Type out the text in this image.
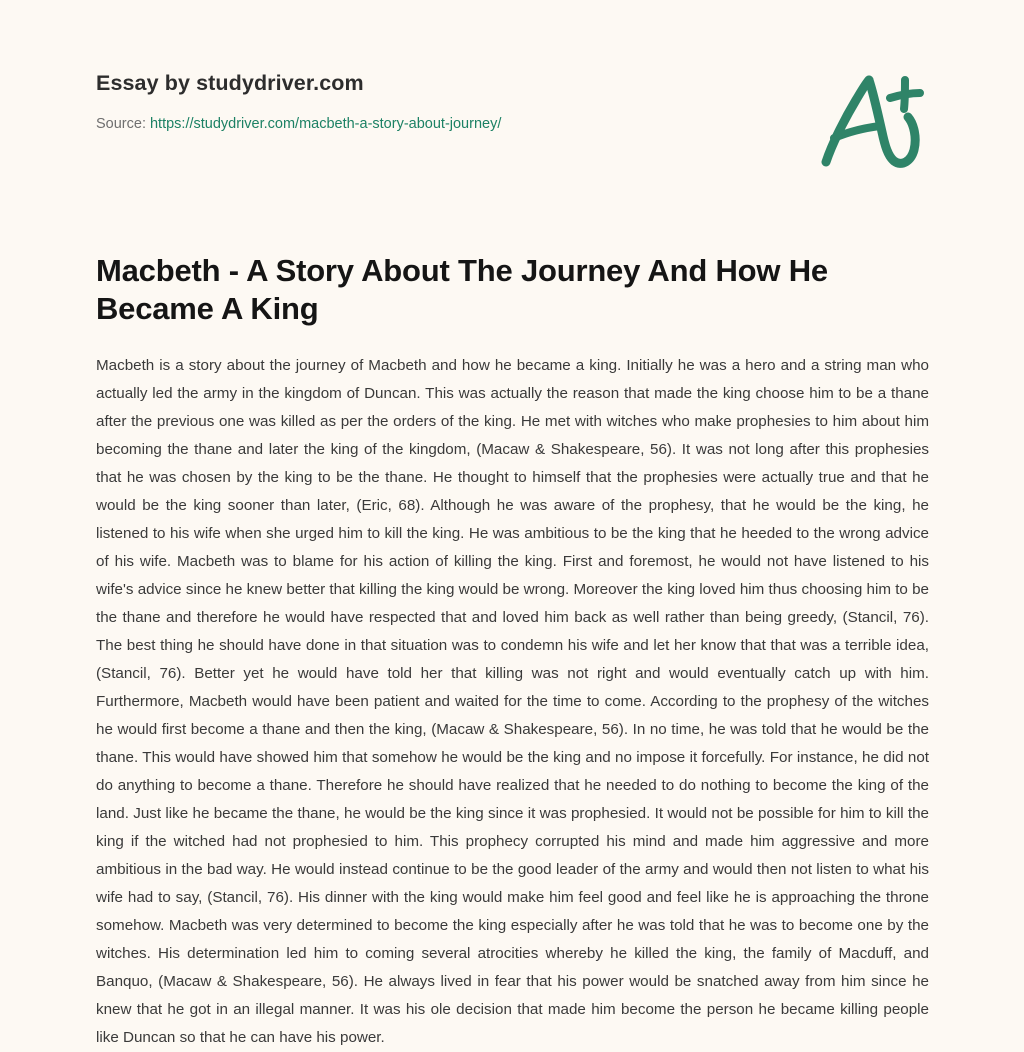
Essay by studydriver.com
Source: https://studydriver.com/macbeth-a-story-about-journey/
Macbeth - A Story About The Journey And How He Became A King

Macbeth is a story about the journey of Macbeth and how he became a king. Initially he was a hero and a string man who actually led the army in the kingdom of Duncan. This was actually the reason that made the king choose him to be a thane after the previous one was killed as per the orders of the king. He met with witches who make prophesies to him about him becoming the thane and later the king of the kingdom, (Macaw & Shakespeare, 56). It was not long after this prophesies that he was chosen by the king to be the thane. He thought to himself that the prophesies were actually true and that he would be the king sooner than later, (Eric, 68). Although he was aware of the prophesy, that he would be the king, he listened to his wife when she urged him to kill the king. He was ambitious to be the king that he heeded to the wrong advice of his wife. Macbeth was to blame for his action of killing the king. First and foremost, he would not have listened to his wife's advice since he knew better that killing the king would be wrong. Moreover the king loved him thus choosing him to be the thane and therefore he would have respected that and loved him back as well rather than being greedy, (Stancil, 76). The best thing he should have done in that situation was to condemn his wife and let her know that that was a terrible idea, (Stancil, 76). Better yet he would have told her that killing was not right and would eventually catch up with him. Furthermore, Macbeth would have been patient and waited for the time to come. According to the prophesy of the witches he would first become a thane and then the king, (Macaw & Shakespeare, 56). In no time, he was told that he would be the thane. This would have showed him that somehow he would be the king and no impose it forcefully. For instance, he did not do anything to become a thane. Therefore he should have realized that he needed to do nothing to become the king of the land. Just like he became the thane, he would be the king since it was prophesied. It would not be possible for him to kill the king if the witched had not prophesied to him. This prophecy corrupted his mind and made him aggressive and more ambitious in the bad way. He would instead continue to be the good leader of the army and would then not listen to what his wife had to say, (Stancil, 76). His dinner with the king would make him feel good and feel like he is approaching the throne somehow. Macbeth was very determined to become the king especially after he was told that he was to become one by the witches. His determination led him to coming several atrocities whereby he killed the king, the family of Macduff, and Banquo, (Macaw & Shakespeare, 56). He always lived in fear that his power would be snatched away from him since he knew that he got in an illegal manner. It was his ole decision that made him become the person he became killing people like Duncan so that he can have his power.
